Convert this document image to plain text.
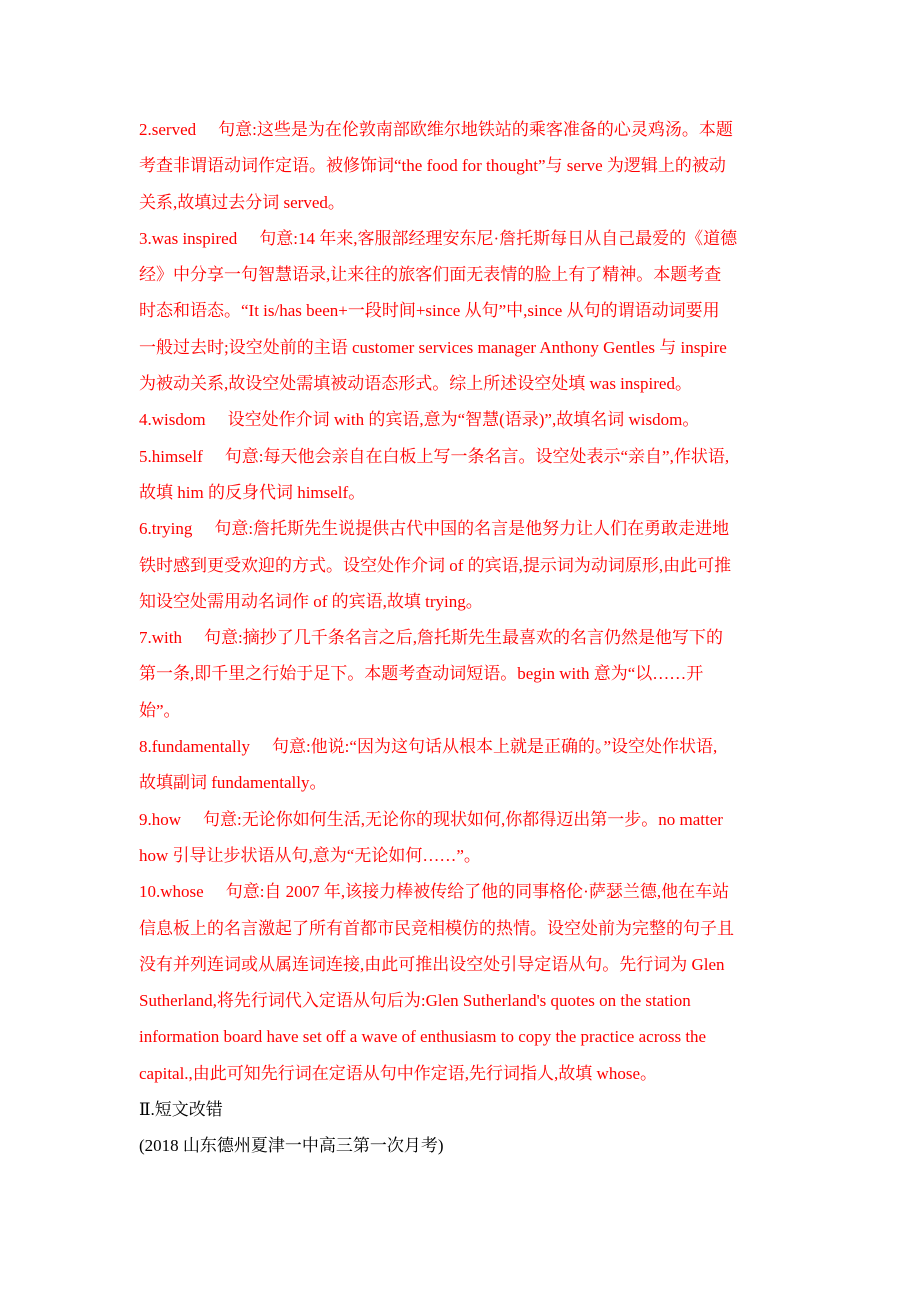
2.served 句意:这些是为在伦敦南部欧维尔地铁站的乘客准备的心灵鸡汤。本题
考查非谓语动词作定语。被修饰词“the food for thought”与 serve 为逻辑上的被动
关系,故填过去分词 served。
3.was inspired 句意:14 年来,客服部经理安东尼·詹托斯每日从自己最爱的《道德
经》中分享一句智慧语录,让来往的旅客们面无表情的脸上有了精神。本题考查
时态和语态。“It is/has been+一段时间+since 从句”中,since 从句的谓语动词要用
一般过去时;设空处前的主语 customer services manager Anthony Gentles 与 inspire
为被动关系,故设空处需填被动语态形式。综上所述设空处填 was inspired。
4.wisdom 设空处作介词 with 的宾语,意为“智慧(语录)”,故填名词 wisdom。
5.himself 句意:每天他会亲自在白板上写一条名言。设空处表示“亲自”,作状语,
故填 him 的反身代词 himself。
6.trying 句意:詹托斯先生说提供古代中国的名言是他努力让人们在勇敢走进地
铁时感到更受欢迎的方式。设空处作介词 of 的宾语,提示词为动词原形,由此可推
知设空处需用动名词作 of 的宾语,故填 trying。
7.with 句意:摘抄了几千条名言之后,詹托斯先生最喜欢的名言仍然是他写下的
第一条,即千里之行始于足下。本题考查动词短语。begin with 意为“以……开
始”。
8.fundamentally 句意:他说:“因为这句话从根本上就是正确的。”设空处作状语,
故填副词 fundamentally。
9.how 句意:无论你如何生活,无论你的现状如何,你都得迈出第一步。no matter
how 引导让步状语从句,意为“无论如何……”。
10.whose 句意:自 2007 年,该接力棒被传给了他的同事格伦·萨瑟兰德,他在车站
信息板上的名言激起了所有首都市民竞相模仿的热情。设空处前为完整的句子且
没有并列连词或从属连词连接,由此可推出设空处引导定语从句。先行词为 Glen
Sutherland,将先行词代入定语从句后为:Glen Sutherland's quotes on the station
information board have set off a wave of enthusiasm to copy the practice across the
capital.,由此可知先行词在定语从句中作定语,先行词指人,故填 whose。
Ⅱ.短文改错
(2018 山东德州夏津一中高三第一次月考)
